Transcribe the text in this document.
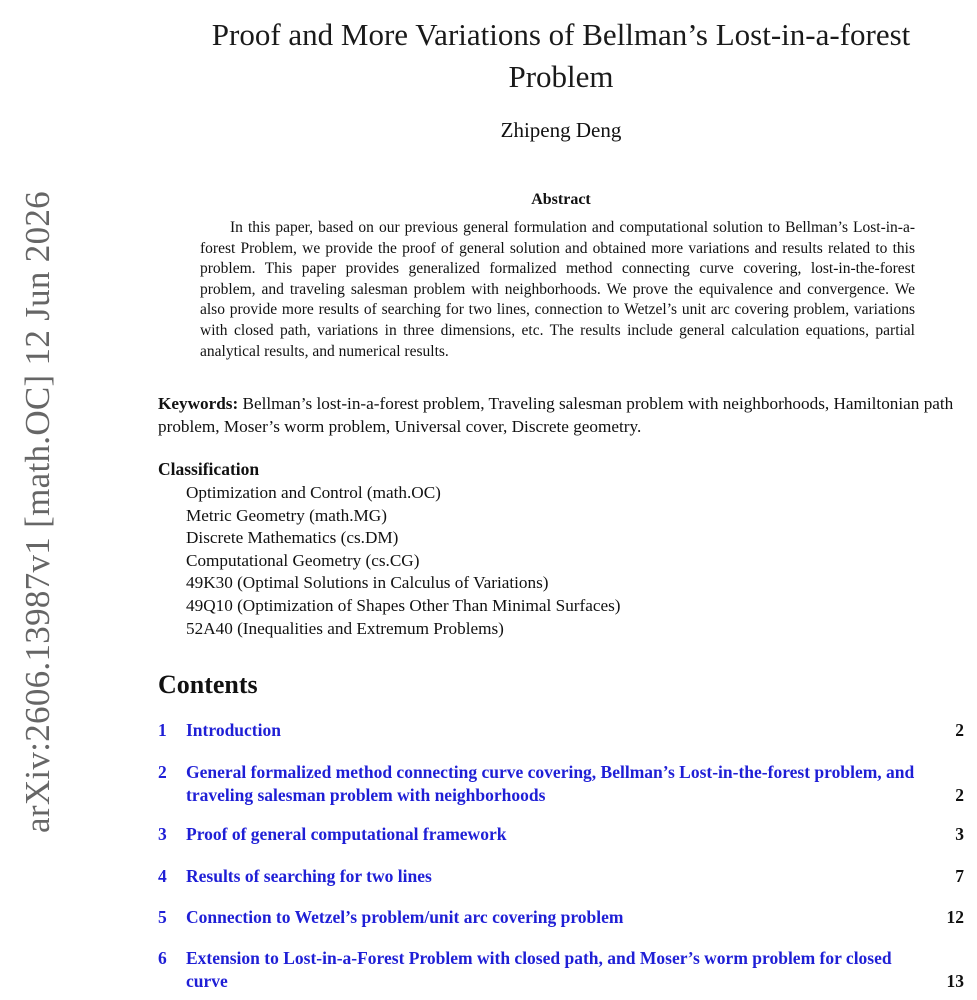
arXiv:2606.13987v1 [math.OC] 12 Jun 2026
Proof and More Variations of Bellman’s Lost-in-a-forest
Problem
Zhipeng Deng
Abstract
In this paper, based on our previous general formulation and computational solution to Bellman’s Lost-in-a-forest Problem, we provide the proof of general solution and obtained more variations and results related to this problem. This paper provides generalized formalized method connecting curve covering, lost-in-the-forest problem, and traveling salesman problem with neighborhoods. We prove the equivalence and convergence. We also provide more results of searching for two lines, connection to Wetzel’s unit arc covering problem, variations with closed path, variations in three dimensions, etc. The results include general calculation equations, partial analytical results, and numerical results.
Keywords: Bellman’s lost-in-a-forest problem, Traveling salesman problem with neighborhoods, Hamiltonian path problem, Moser’s worm problem, Universal cover, Discrete geometry.
Classification
Optimization and Control (math.OC)
Metric Geometry (math.MG)
Discrete Mathematics (cs.DM)
Computational Geometry (cs.CG)
49K30 (Optimal Solutions in Calculus of Variations)
49Q10 (Optimization of Shapes Other Than Minimal Surfaces)
52A40 (Inequalities and Extremum Problems)
Contents
1 Introduction	2
2 General formalized method connecting curve covering, Bellman’s Lost-in-the-forest problem, and traveling salesman problem with neighborhoods	2
3 Proof of general computational framework	3
4 Results of searching for two lines	7
5 Connection to Wetzel’s problem/unit arc covering problem	12
6 Extension to Lost-in-a-Forest Problem with closed path, and Moser’s worm problem for closed curve	13
